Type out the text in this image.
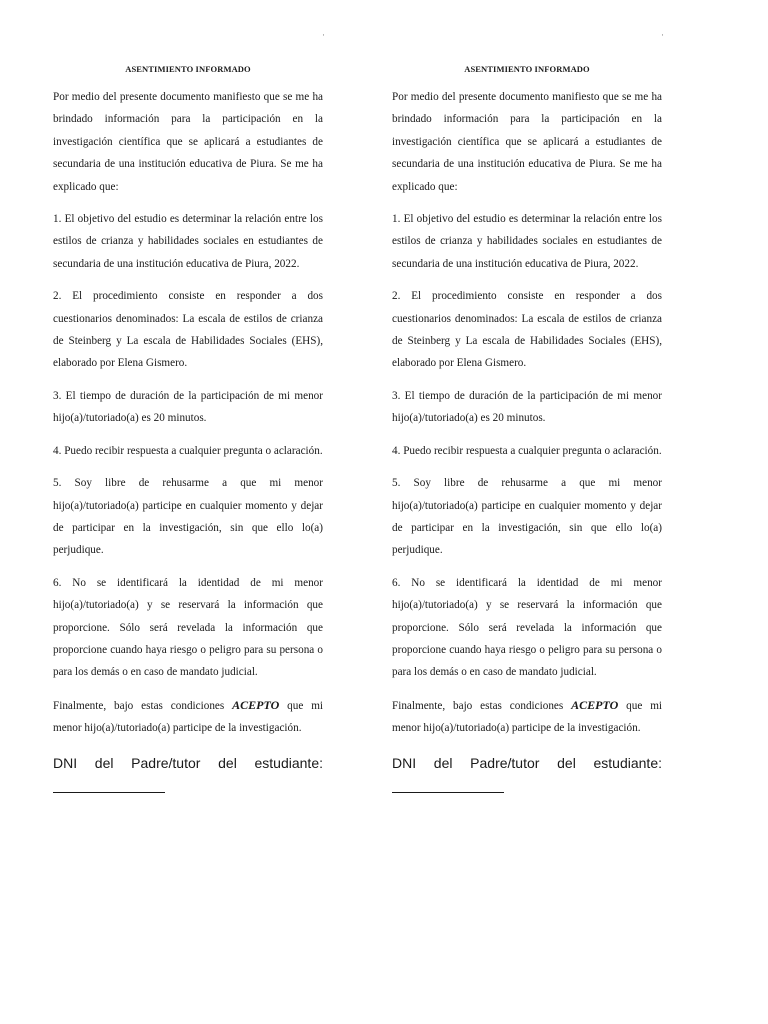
·
ASENTIMIENTO INFORMADO

Por medio del presente documento manifiesto que se me ha brindado información para la participación en la investigación científica que se aplicará a estudiantes de secundaria de una institución educativa de Piura. Se me ha explicado que:

1. El objetivo del estudio es determinar la relación entre los estilos de crianza y habilidades sociales en estudiantes de secundaria de una institución educativa de Piura, 2022.

2. El procedimiento consiste en responder a dos cuestionarios denominados: La escala de estilos de crianza de Steinberg y La escala de Habilidades Sociales (EHS), elaborado por Elena Gismero.

3. El tiempo de duración de la participación de mi menor hijo(a)/tutoriado(a) es 20 minutos.

4. Puedo recibir respuesta a cualquier pregunta o aclaración.

5. Soy libre de rehusarme a que mi menor hijo(a)/tutoriado(a) participe en cualquier momento y dejar de participar en la investigación, sin que ello lo(a) perjudique.

6. No se identificará la identidad de mi menor hijo(a)/tutoriado(a) y se reservará la información que proporcione. Sólo será revelada la información que proporcione cuando haya riesgo o peligro para su persona o para los demás o en caso de mandato judicial.

Finalmente, bajo estas condiciones ACEPTO que mi menor hijo(a)/tutoriado(a) participe de la investigación.

DNI del Padre/tutor del estudiante:
·
ASENTIMIENTO INFORMADO

Por medio del presente documento manifiesto que se me ha brindado información para la participación en la investigación científica que se aplicará a estudiantes de secundaria de una institución educativa de Piura. Se me ha explicado que:

1. El objetivo del estudio es determinar la relación entre los estilos de crianza y habilidades sociales en estudiantes de secundaria de una institución educativa de Piura, 2022.

2. El procedimiento consiste en responder a dos cuestionarios denominados: La escala de estilos de crianza de Steinberg y La escala de Habilidades Sociales (EHS), elaborado por Elena Gismero.

3. El tiempo de duración de la participación de mi menor hijo(a)/tutoriado(a) es 20 minutos.

4. Puedo recibir respuesta a cualquier pregunta o aclaración.

5. Soy libre de rehusarme a que mi menor hijo(a)/tutoriado(a) participe en cualquier momento y dejar de participar en la investigación, sin que ello lo(a) perjudique.

6. No se identificará la identidad de mi menor hijo(a)/tutoriado(a) y se reservará la información que proporcione. Sólo será revelada la información que proporcione cuando haya riesgo o peligro para su persona o para los demás o en caso de mandato judicial.

Finalmente, bajo estas condiciones ACEPTO que mi menor hijo(a)/tutoriado(a) participe de la investigación.

DNI del Padre/tutor del estudiante:
